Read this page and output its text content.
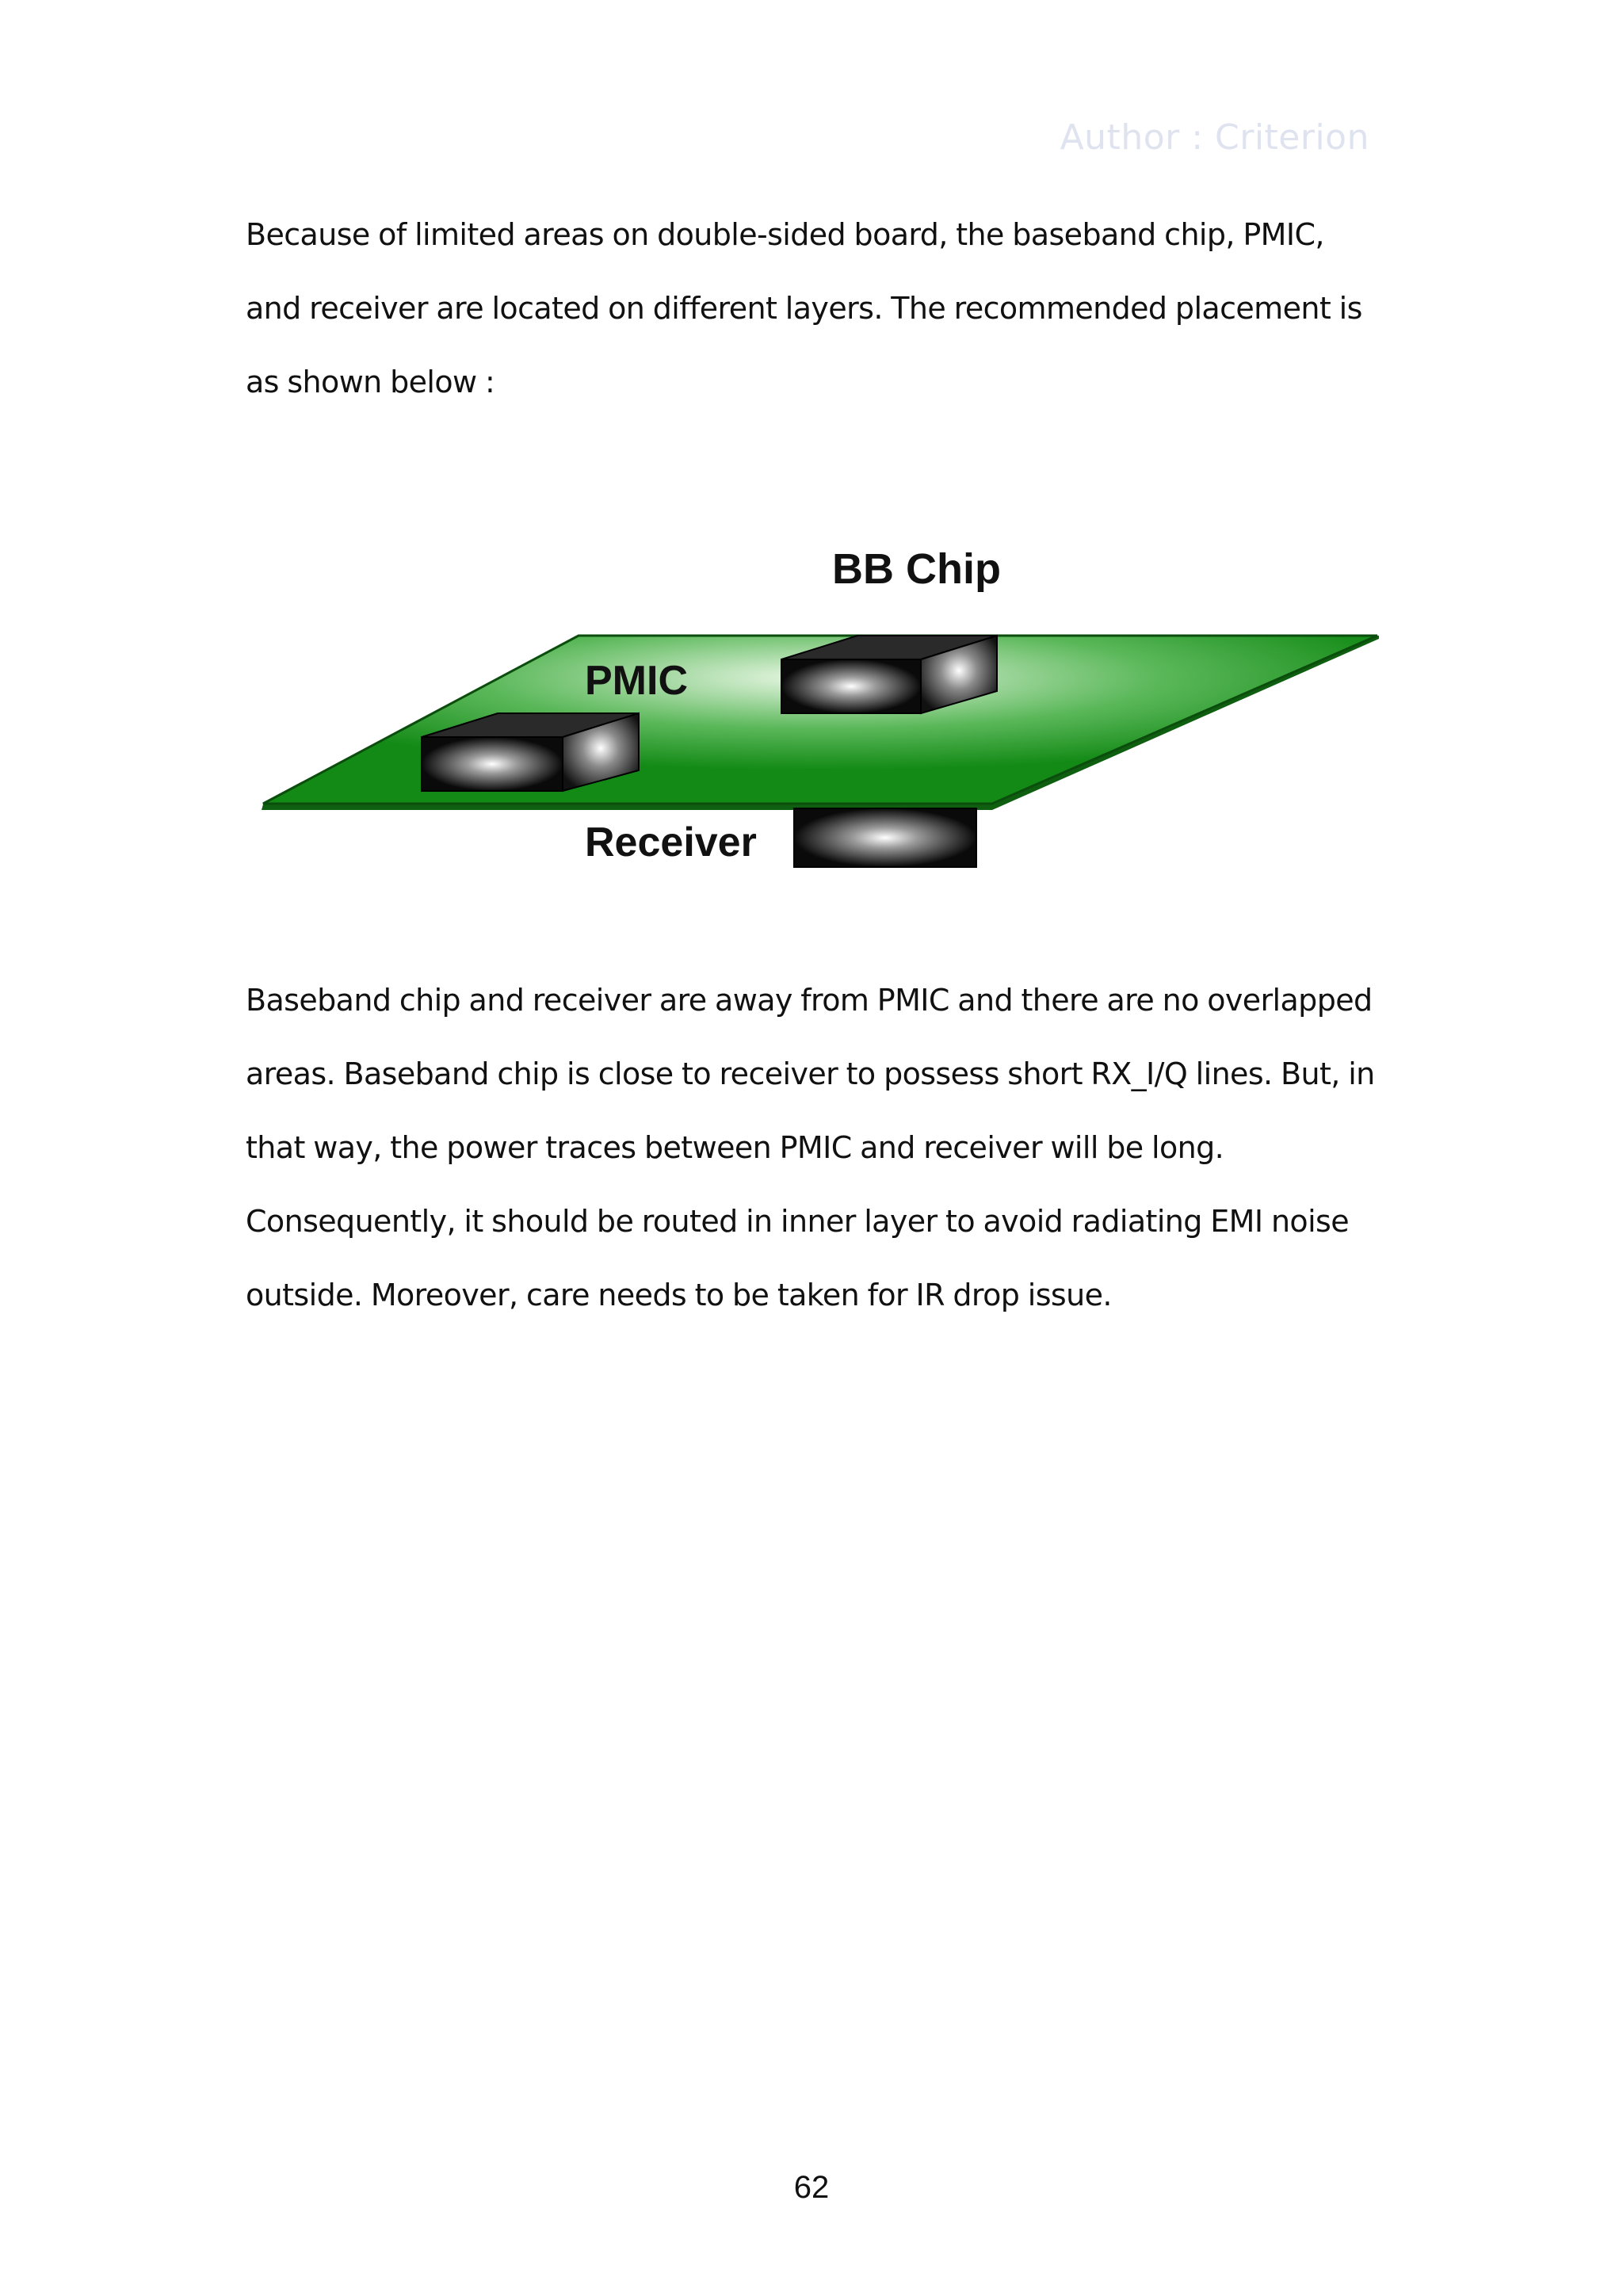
Author : Criterion

Because of limited areas on double-sided board, the baseband chip, PMIC, and receiver are located on different layers. The recommended placement is as shown below :

BB Chip
PMIC
Receiver

Baseband chip and receiver are away from PMIC and there are no overlapped areas. Baseband chip is close to receiver to possess short RX_I/Q lines. But, in that way, the power traces between PMIC and receiver will be long. Consequently, it should be routed in inner layer to avoid radiating EMI noise outside. Moreover, care needs to be taken for IR drop issue.

62
